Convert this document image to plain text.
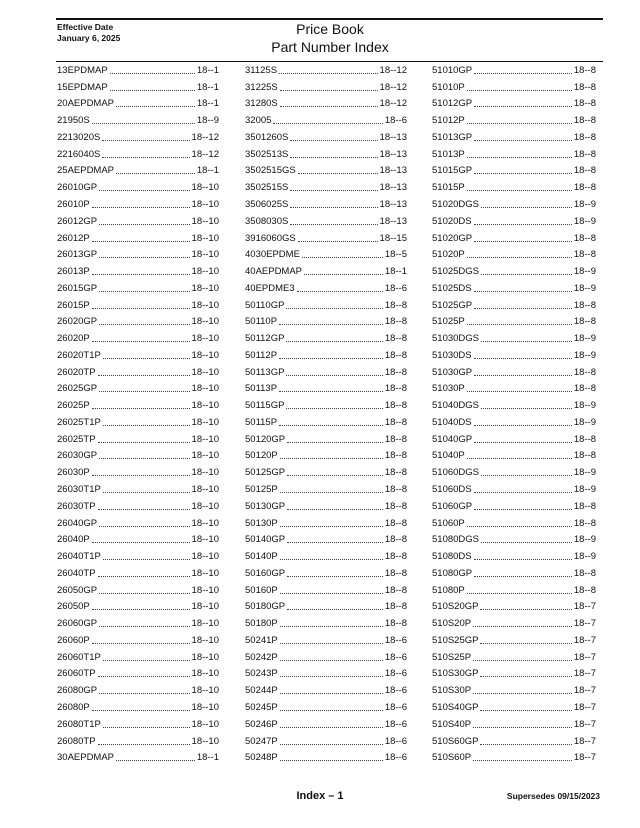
Effective Date
January 6, 2025
Price Book
Part Number Index
13EPDMAP	18--1
15EPDMAP	18--1
20AEPDMAP	18--1
21950S	18--9
2213020S	18--12
2216040S	18--12
25AEPDMAP	18--1
26010GP	18--10
26010P	18--10
26012GP	18--10
26012P	18--10
26013GP	18--10
26013P	18--10
26015GP	18--10
26015P	18--10
26020GP	18--10
26020P	18--10
26020T1P	18--10
26020TP	18--10
26025GP	18--10
26025P	18--10
26025T1P	18--10
26025TP	18--10
26030GP	18--10
26030P	18--10
26030T1P	18--10
26030TP	18--10
26040GP	18--10
26040P	18--10
26040T1P	18--10
26040TP	18--10
26050GP	18--10
26050P	18--10
26060GP	18--10
26060P	18--10
26060T1P	18--10
26060TP	18--10
26080GP	18--10
26080P	18--10
26080T1P	18--10
26080TP	18--10
30AEPDMAP	18--1
31125S	18--12
31225S	18--12
31280S	18--12
32005	18--6
3501260S	18--13
3502513S	18--13
3502515GS	18--13
3502515S	18--13
3506025S	18--13
3508030S	18--13
3916060GS	18--15
4030EPDME	18--5
40AEPDMAP	18--1
40EPDME3	18--6
50110GP	18--8
50110P	18--8
50112GP	18--8
50112P	18--8
50113GP	18--8
50113P	18--8
50115GP	18--8
50115P	18--8
50120GP	18--8
50120P	18--8
50125GP	18--8
50125P	18--8
50130GP	18--8
50130P	18--8
50140GP	18--8
50140P	18--8
50160GP	18--8
50160P	18--8
50180GP	18--8
50180P	18--8
50241P	18--6
50242P	18--6
50243P	18--6
50244P	18--6
50245P	18--6
50246P	18--6
50247P	18--6
50248P	18--6
51010GP	18--8
51010P	18--8
51012GP	18--8
51012P	18--8
51013GP	18--8
51013P	18--8
51015GP	18--8
51015P	18--8
51020DGS	18--9
51020DS	18--9
51020GP	18--8
51020P	18--8
51025DGS	18--9
51025DS	18--9
51025GP	18--8
51025P	18--8
51030DGS	18--9
51030DS	18--9
51030GP	18--8
51030P	18--8
51040DGS	18--9
51040DS	18--9
51040GP	18--8
51040P	18--8
51060DGS	18--9
51060DS	18--9
51060GP	18--8
51060P	18--8
51080DGS	18--9
51080DS	18--9
51080GP	18--8
51080P	18--8
510S20GP	18--7
510S20P	18--7
510S25GP	18--7
510S25P	18--7
510S30GP	18--7
510S30P	18--7
510S40GP	18--7
510S40P	18--7
510S60GP	18--7
510S60P	18--7
Index – 1	Supersedes 09/15/2023
